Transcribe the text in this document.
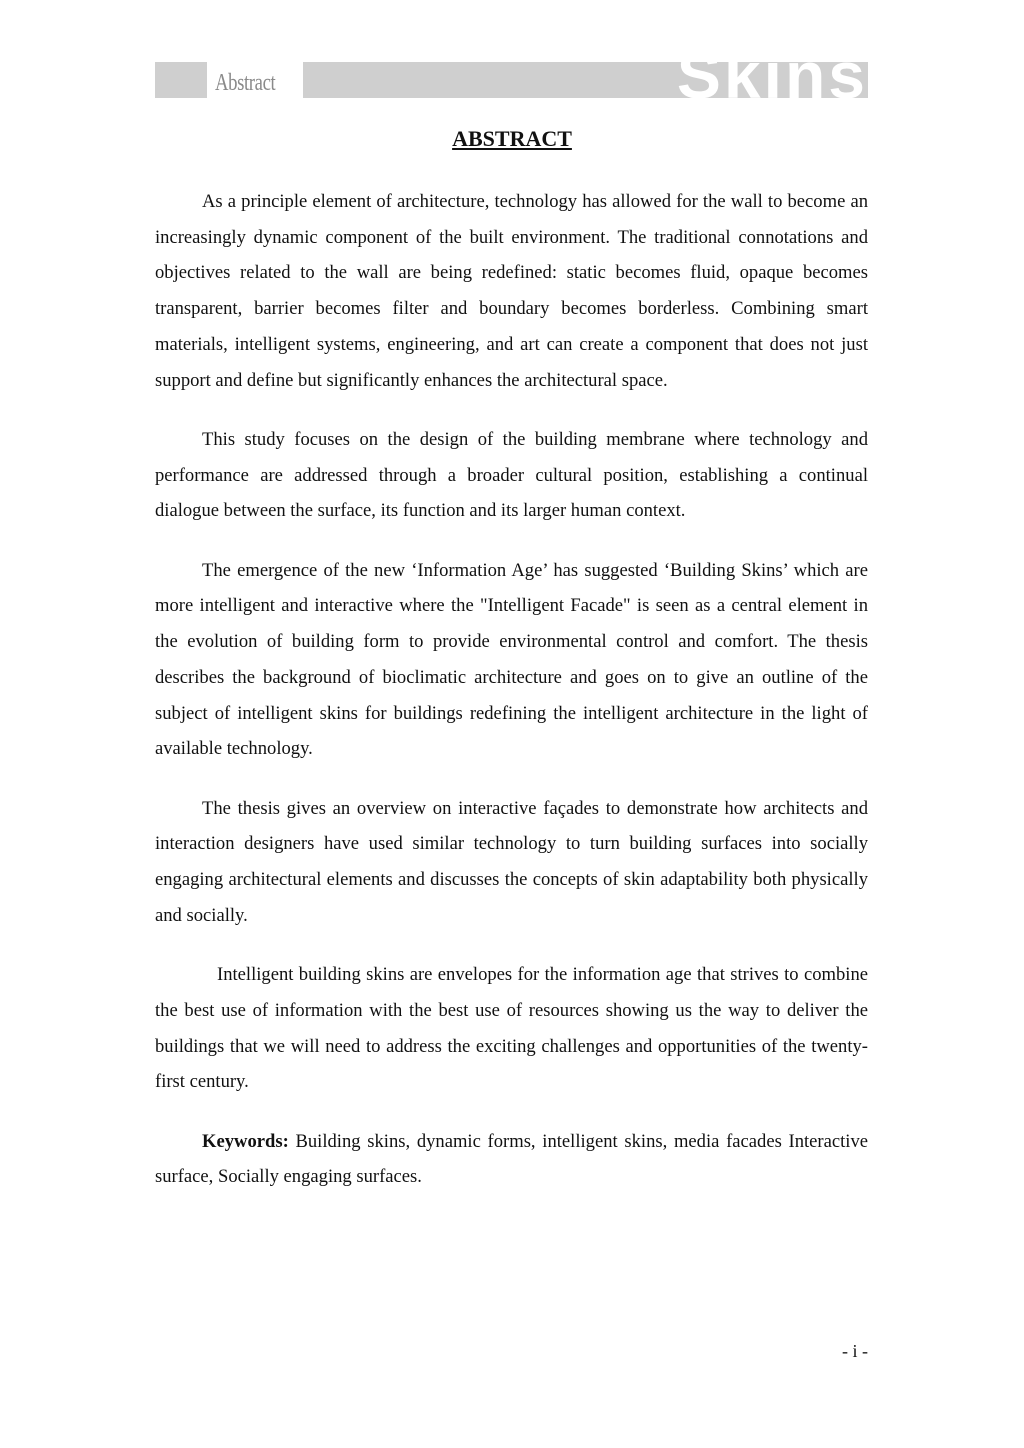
Abstract	Skins
ABSTRACT

As a principle element of architecture, technology has allowed for the wall to become an increasingly dynamic component of the built environment. The traditional connotations and objectives related to the wall are being redefined: static becomes fluid, opaque becomes transparent, barrier becomes filter and boundary becomes borderless. Combining smart materials, intelligent systems, engineering, and art can create a component that does not just support and define but significantly enhances the architectural space.

This study focuses on the design of the building membrane where technology and performance are addressed through a broader cultural position, establishing a continual dialogue between the surface, its function and its larger human context.

The emergence of the new ‘Information Age’ has suggested ‘Building Skins’ which are more intelligent and interactive where the "Intelligent Facade" is seen as a central element in the evolution of building form to provide environmental control and comfort. The thesis describes the background of bioclimatic architecture and goes on to give an outline of the subject of intelligent skins for buildings redefining the intelligent architecture in the light of available technology.

The thesis gives an overview on interactive façades to demonstrate how architects and interaction designers have used similar technology to turn building surfaces into socially engaging architectural elements and discusses the concepts of skin adaptability both physically and socially.

Intelligent building skins are envelopes for the information age that strives to combine the best use of information with the best use of resources showing us the way to deliver the buildings that we will need to address the exciting challenges and opportunities of the twenty-first century.

Keywords: Building skins, dynamic forms, intelligent skins, media facades Interactive surface, Socially engaging surfaces.

- i -
